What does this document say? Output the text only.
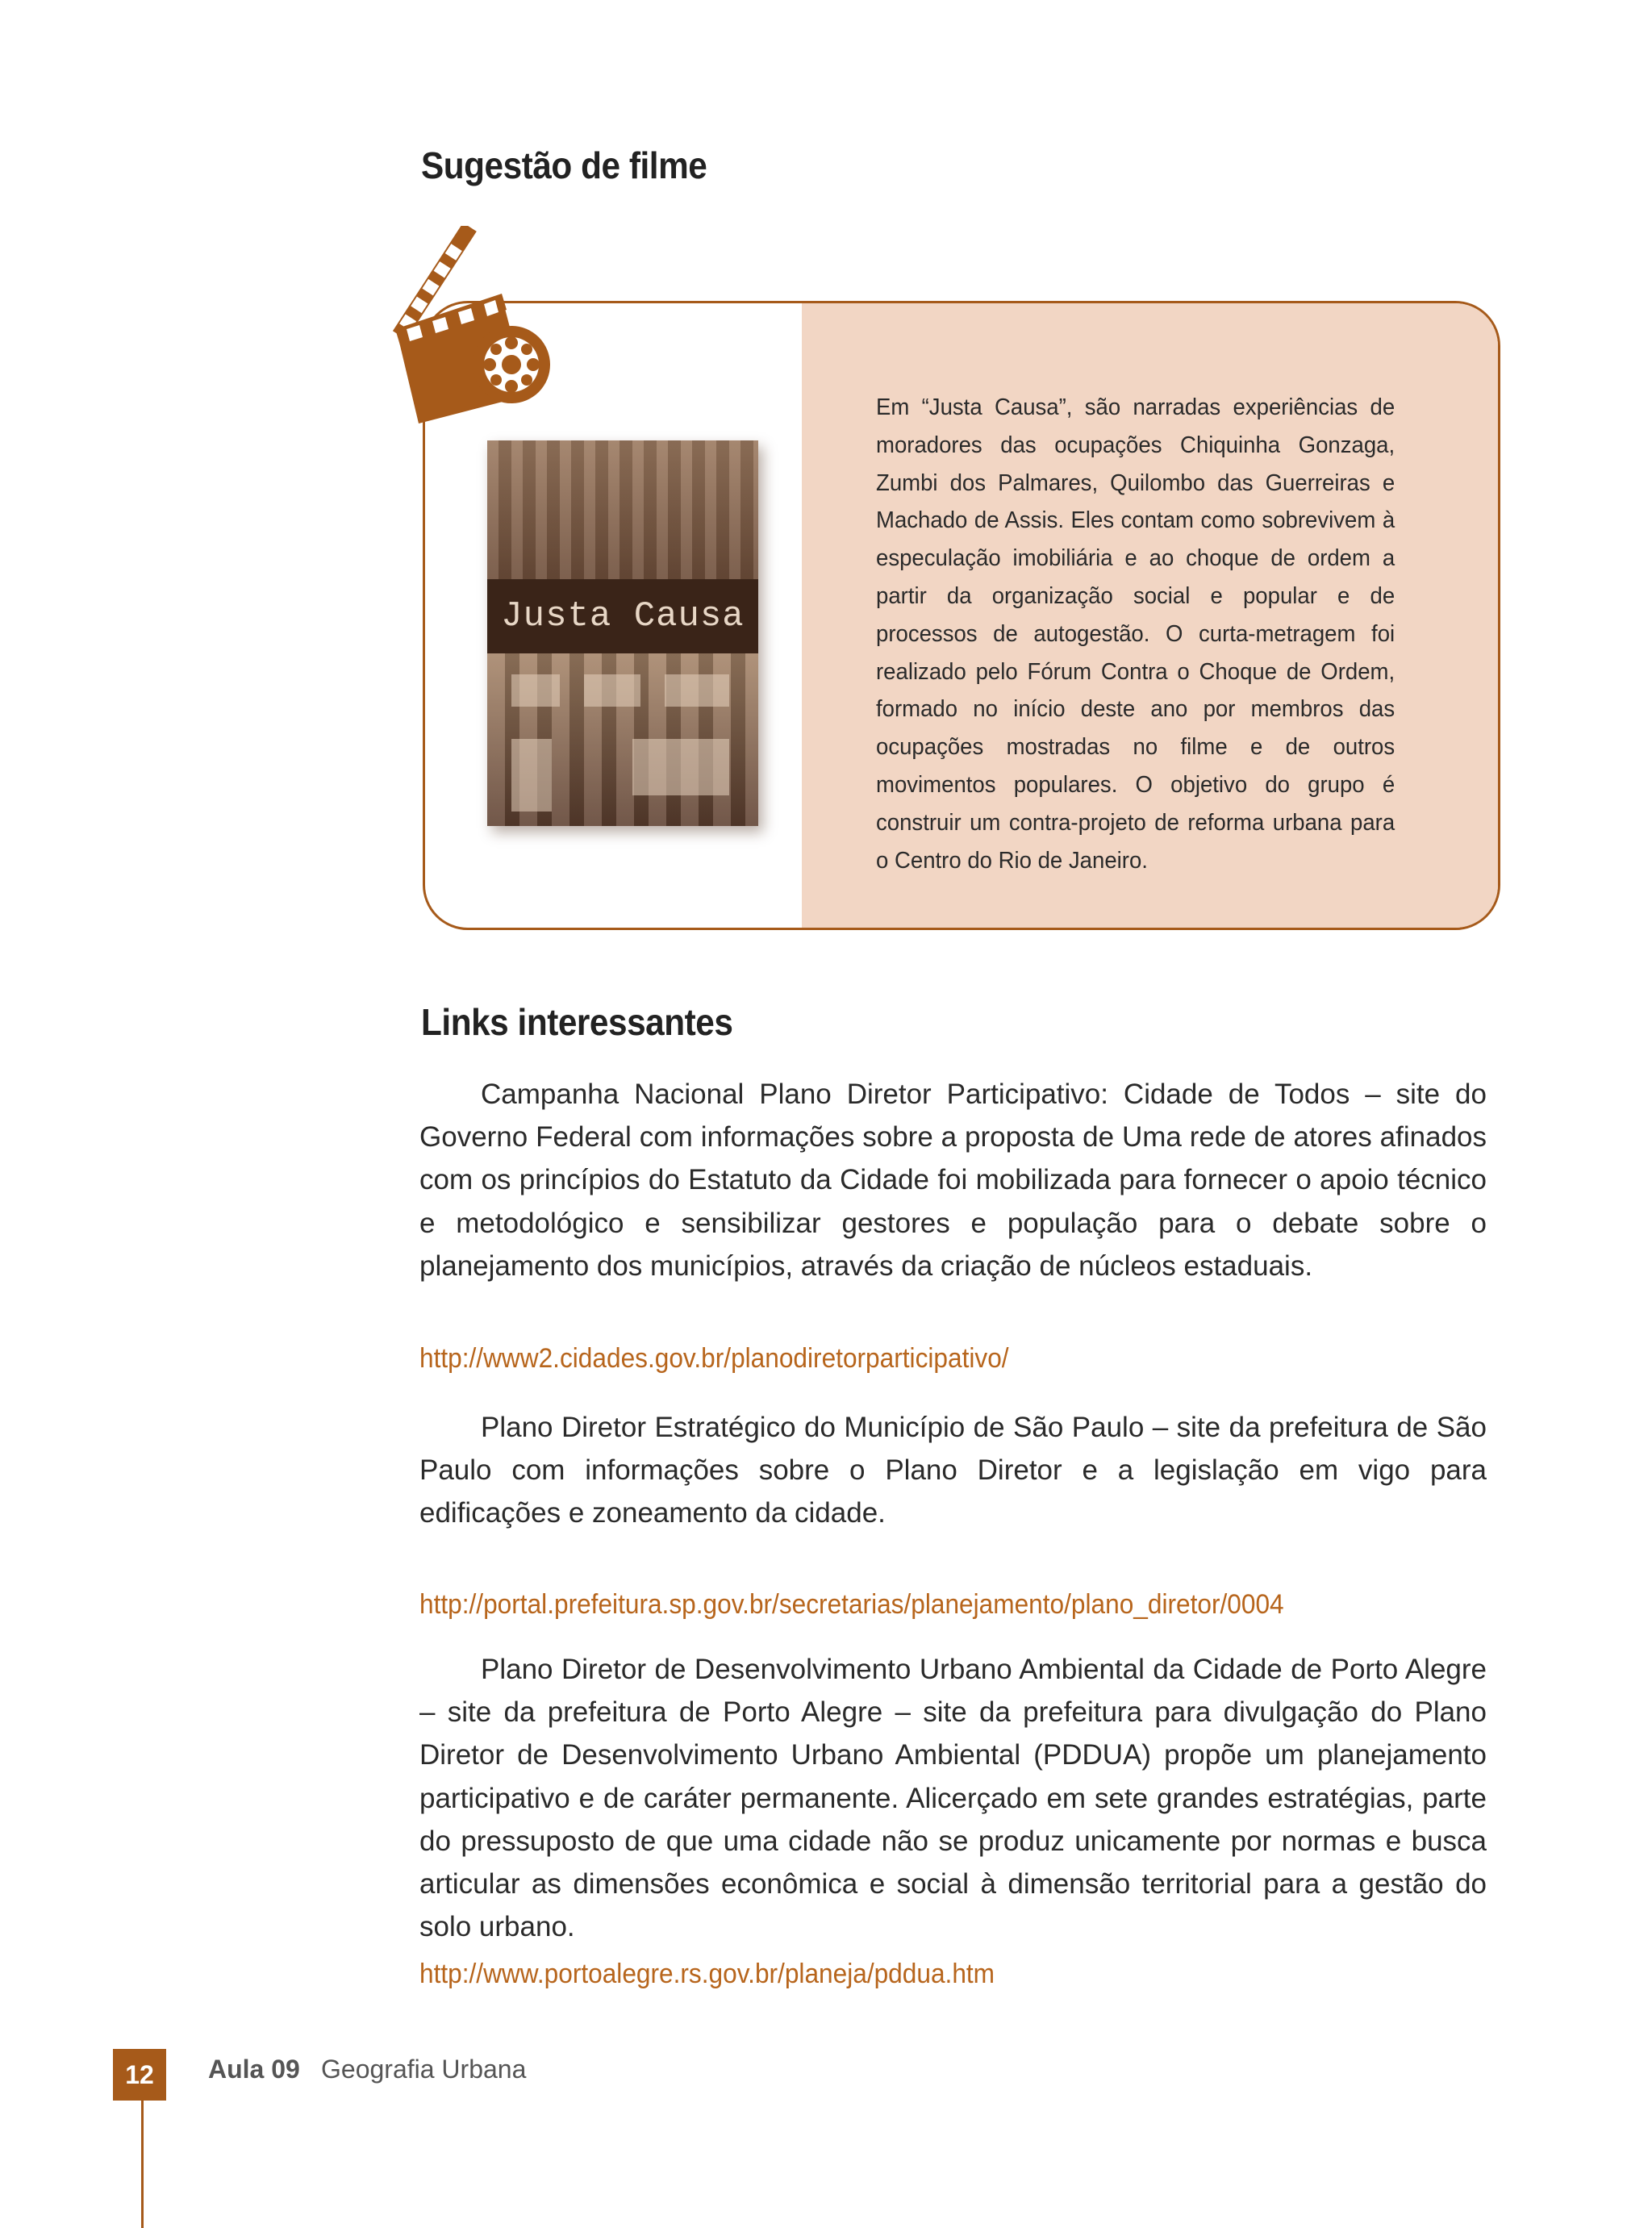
Sugestão de filme
Justa Causa

Em “Justa Causa”, são narradas experiências de moradores das ocupações Chiquinha Gonzaga, Zumbi dos Palmares, Quilombo das Guerreiras e Machado de Assis. Eles contam como sobrevivem à especulação imobiliária e ao choque de ordem a partir da organização social e popular e de processos de autogestão. O curta-metragem foi realizado pelo Fórum Contra o Choque de Ordem, formado no início deste ano por membros das ocupações mostradas no filme e de outros movimentos populares. O objetivo do grupo é construir um contra-projeto de reforma urbana para o Centro do Rio de Janeiro.

Links interessantes

Campanha Nacional Plano Diretor Participativo: Cidade de Todos – site do Governo Federal com informações sobre a proposta de Uma rede de atores afinados com os princípios do Estatuto da Cidade foi mobilizada para fornecer o apoio técnico e metodológico e sensibilizar gestores e população para o debate sobre o planejamento dos municípios, através da criação de núcleos estaduais.

http://www2.cidades.gov.br/planodiretorparticipativo/

Plano Diretor Estratégico do Município de São Paulo – site da prefeitura de São Paulo com informações sobre o Plano Diretor e a legislação em vigo para edificações e zoneamento da cidade.

http://portal.prefeitura.sp.gov.br/secretarias/planejamento/plano_diretor/0004

Plano Diretor de Desenvolvimento Urbano Ambiental da Cidade de Porto Alegre – site da prefeitura de Porto Alegre – site da prefeitura para divulgação do Plano Diretor de Desenvolvimento Urbano Ambiental (PDDUA) propõe um planejamento participativo e de caráter permanente. Alicerçado em sete grandes estratégias, parte do pressuposto de que uma cidade não se produz unicamente por normas e busca articular as dimensões econômica e social à dimensão territorial para a gestão do solo urbano.

http://www.portoalegre.rs.gov.br/planeja/pddua.htm
12	Aula 09 Geografia Urbana
